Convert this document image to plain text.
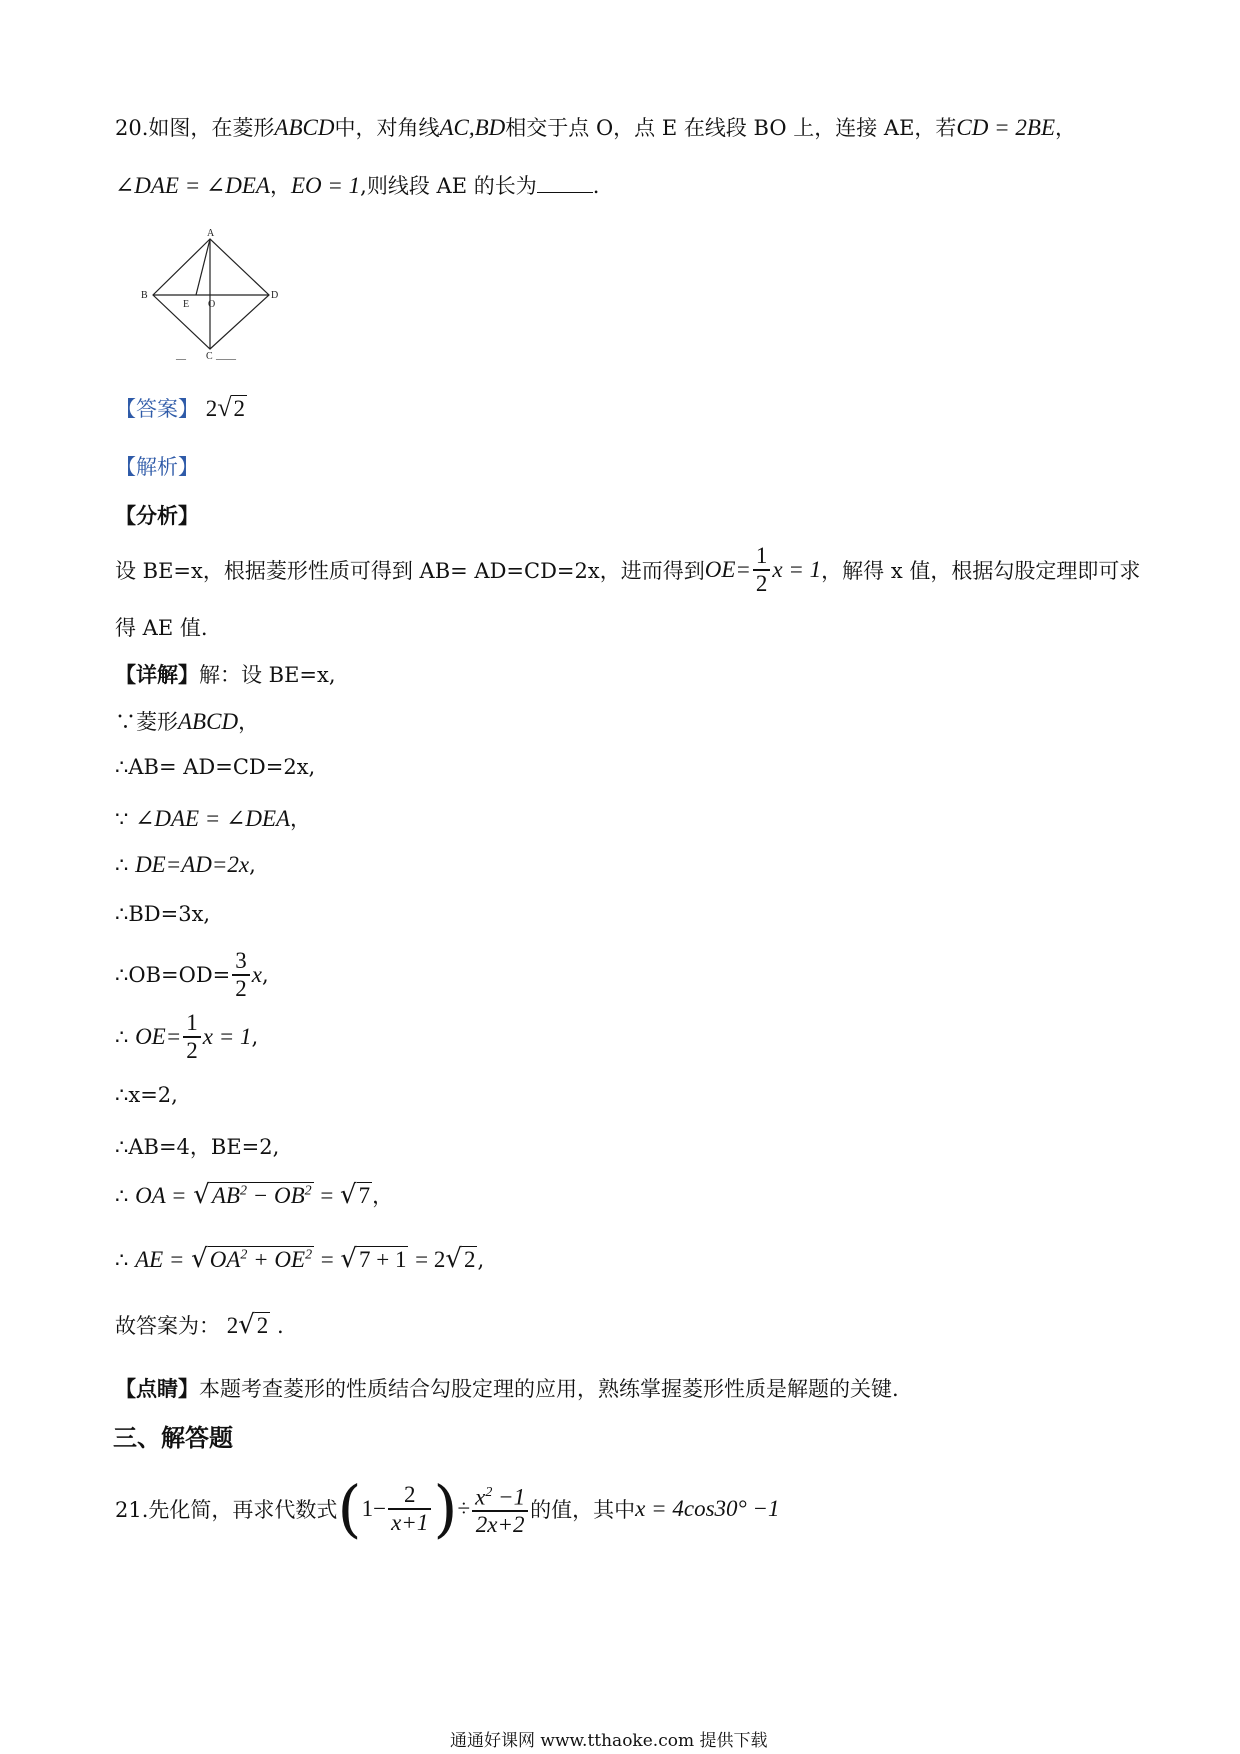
20.如图，在菱形ABCD中，对角线AC,BD相交于点 O，点 E 在线段 BO 上，连接 AE，若CD = 2BE，
∠DAE = ∠DEA，EO = 1,则线段 AE 的长为	.
A
B	D
E O
C
—	——
【答案】 2√2
【解析】
【分析】
设 BE=x，根据菱形性质可得到 AB= AD=CD=2x，进而得到 $OE= \frac{1}{2}$ x = 1 ，解得 x 值，根据勾股定理即可求
得 AE 值.
【详解】解：设 BE=x,
∵菱形ABCD，
∴AB= AD=CD=2x,
∵ ∠DAE = ∠DEA，
∴ DE=AD=2x,
∴BD=3x,
∴OB=OD= $\frac{3}{2}$ x ,
∴
$OE= \frac{1}{2}$ x = 1 ,
∴x=2,
∴AB=4，BE=2,
∴ OA = $√AB^2 - OB^2 = √7$，
∴ AE = $√OA^2 + OE^2 = √7 + 1 = 2√2$,
故答案为： 2√2 .
【点睛】本题考查菱形的性质结合勾股定理的应用，熟练掌握菱形性质是解题的关键.
三、解答题
21.先化简，再求代数式 ( $1- \frac{2}{x+1}$ ) ÷ $\frac{x^2 -1}{2x+2}$ 的值，其中 x = 4cos30° −1
通通好课网 www.tthaoke.com 提供下载
